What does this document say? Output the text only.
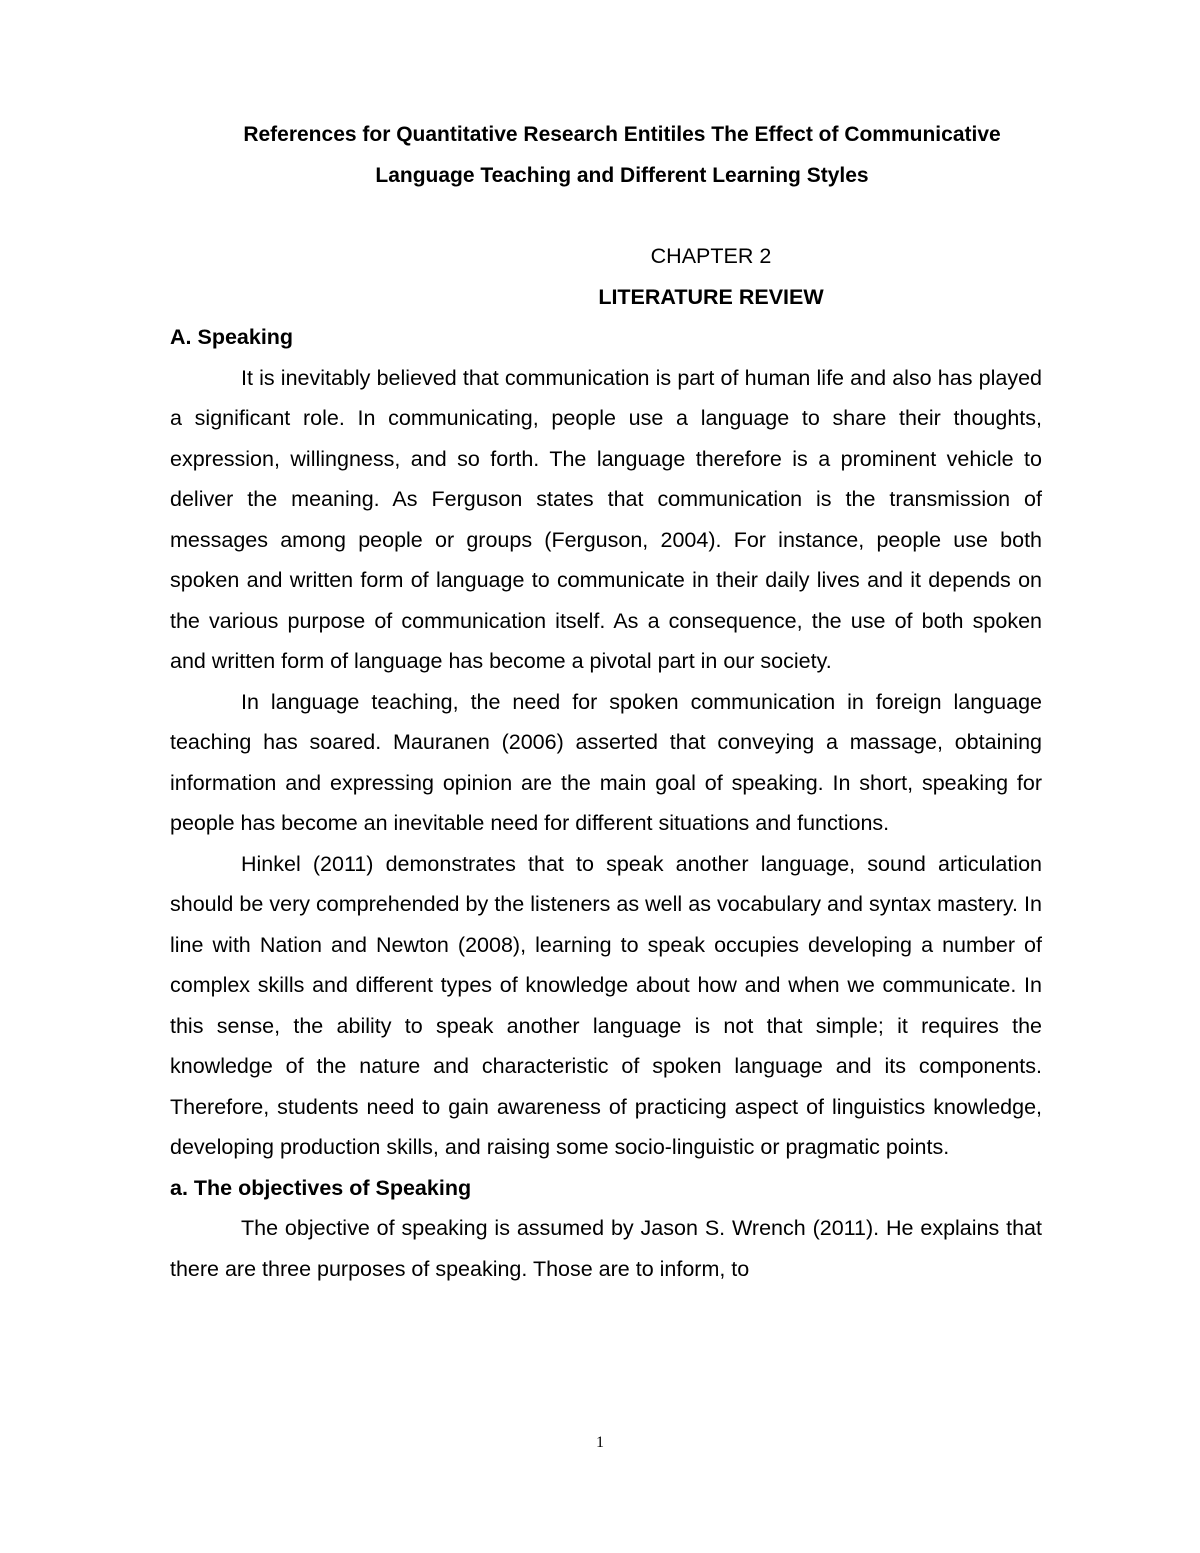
References for Quantitative Research Entitiles The Effect of Communicative
Language Teaching and Different Learning Styles
CHAPTER 2
LITERATURE REVIEW
A. Speaking

It is inevitably believed that communication is part of human life and also has played a significant role. In communicating, people use a language to share their thoughts, expression, willingness, and so forth. The language therefore is a prominent vehicle to deliver the meaning. As Ferguson states that communication is the transmission of messages among people or groups (Ferguson, 2004). For instance, people use both spoken and written form of language to communicate in their daily lives and it depends on the various purpose of communication itself. As a consequence, the use of both spoken and written form of language has become a pivotal part in our society.

In language teaching, the need for spoken communication in foreign language teaching has soared. Mauranen (2006) asserted that conveying a massage, obtaining information and expressing opinion are the main goal of speaking. In short, speaking for people has become an inevitable need for different situations and functions.

Hinkel (2011) demonstrates that to speak another language, sound articulation should be very comprehended by the listeners as well as vocabulary and syntax mastery. In line with Nation and Newton (2008), learning to speak occupies developing a number of complex skills and different types of knowledge about how and when we communicate. In this sense, the ability to speak another language is not that simple; it requires the knowledge of the nature and characteristic of spoken language and its components. Therefore, students need to gain awareness of practicing aspect of linguistics knowledge, developing production skills, and raising some socio-linguistic or pragmatic points.

a. The objectives of Speaking

The objective of speaking is assumed by Jason S. Wrench (2011). He explains that there are three purposes of speaking. Those are to inform, to

1
